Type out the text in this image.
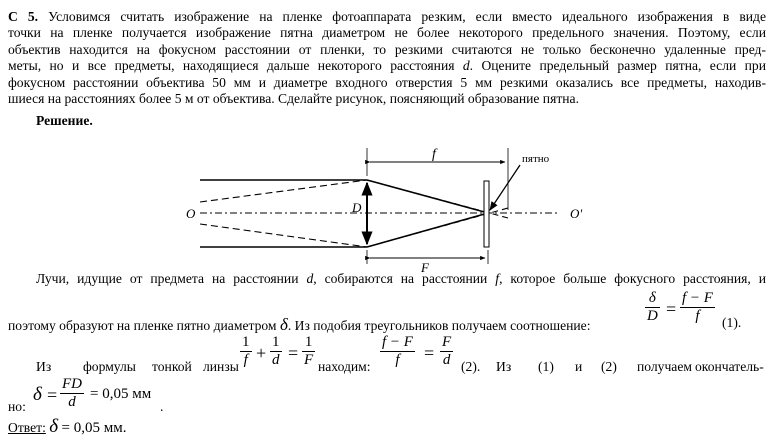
С 5. Условимся считать изображение на пленке фотоаппарата резким, если вместо идеального изображения в виде
точки на пленке получается изображение пятна диаметром не более некоторого предельного значения. Поэтому, если
объектив находится на фокусном расстоянии от пленки, то резкими считаются не только бесконечно удаленные пред-
меты, но и все предметы, находящиеся дальше некоторого расстояния d. Оцените предельный размер пятна, если при
фокусном расстоянии объектива 50 мм и диаметре входного отверстия 5 мм резкими оказались все предметы, находив-
шиеся на расстояниях более 5 м от объектива. Сделайте рисунок, поясняющий образование пятна.
Решение.
f
F
D
O	O'
пятно
Лучи, идущие от предмета на расстоянии d, собираются на расстоянии f, которое больше фокусного расстояния, и
поэтому образуют на пленке пятно диаметром δ. Из подобия треугольников получаем соотношение:
δ
D =
f − F
f (1).
Из формулы тонкой линзы
1
f +
1
d =
1
F находим:
f − F
f =
F
d (2). Из (1) и (2) получаем окончатель-
но:
δ =
FD
d = 0,05 мм
.
Ответ: δ = 0,05 мм.
